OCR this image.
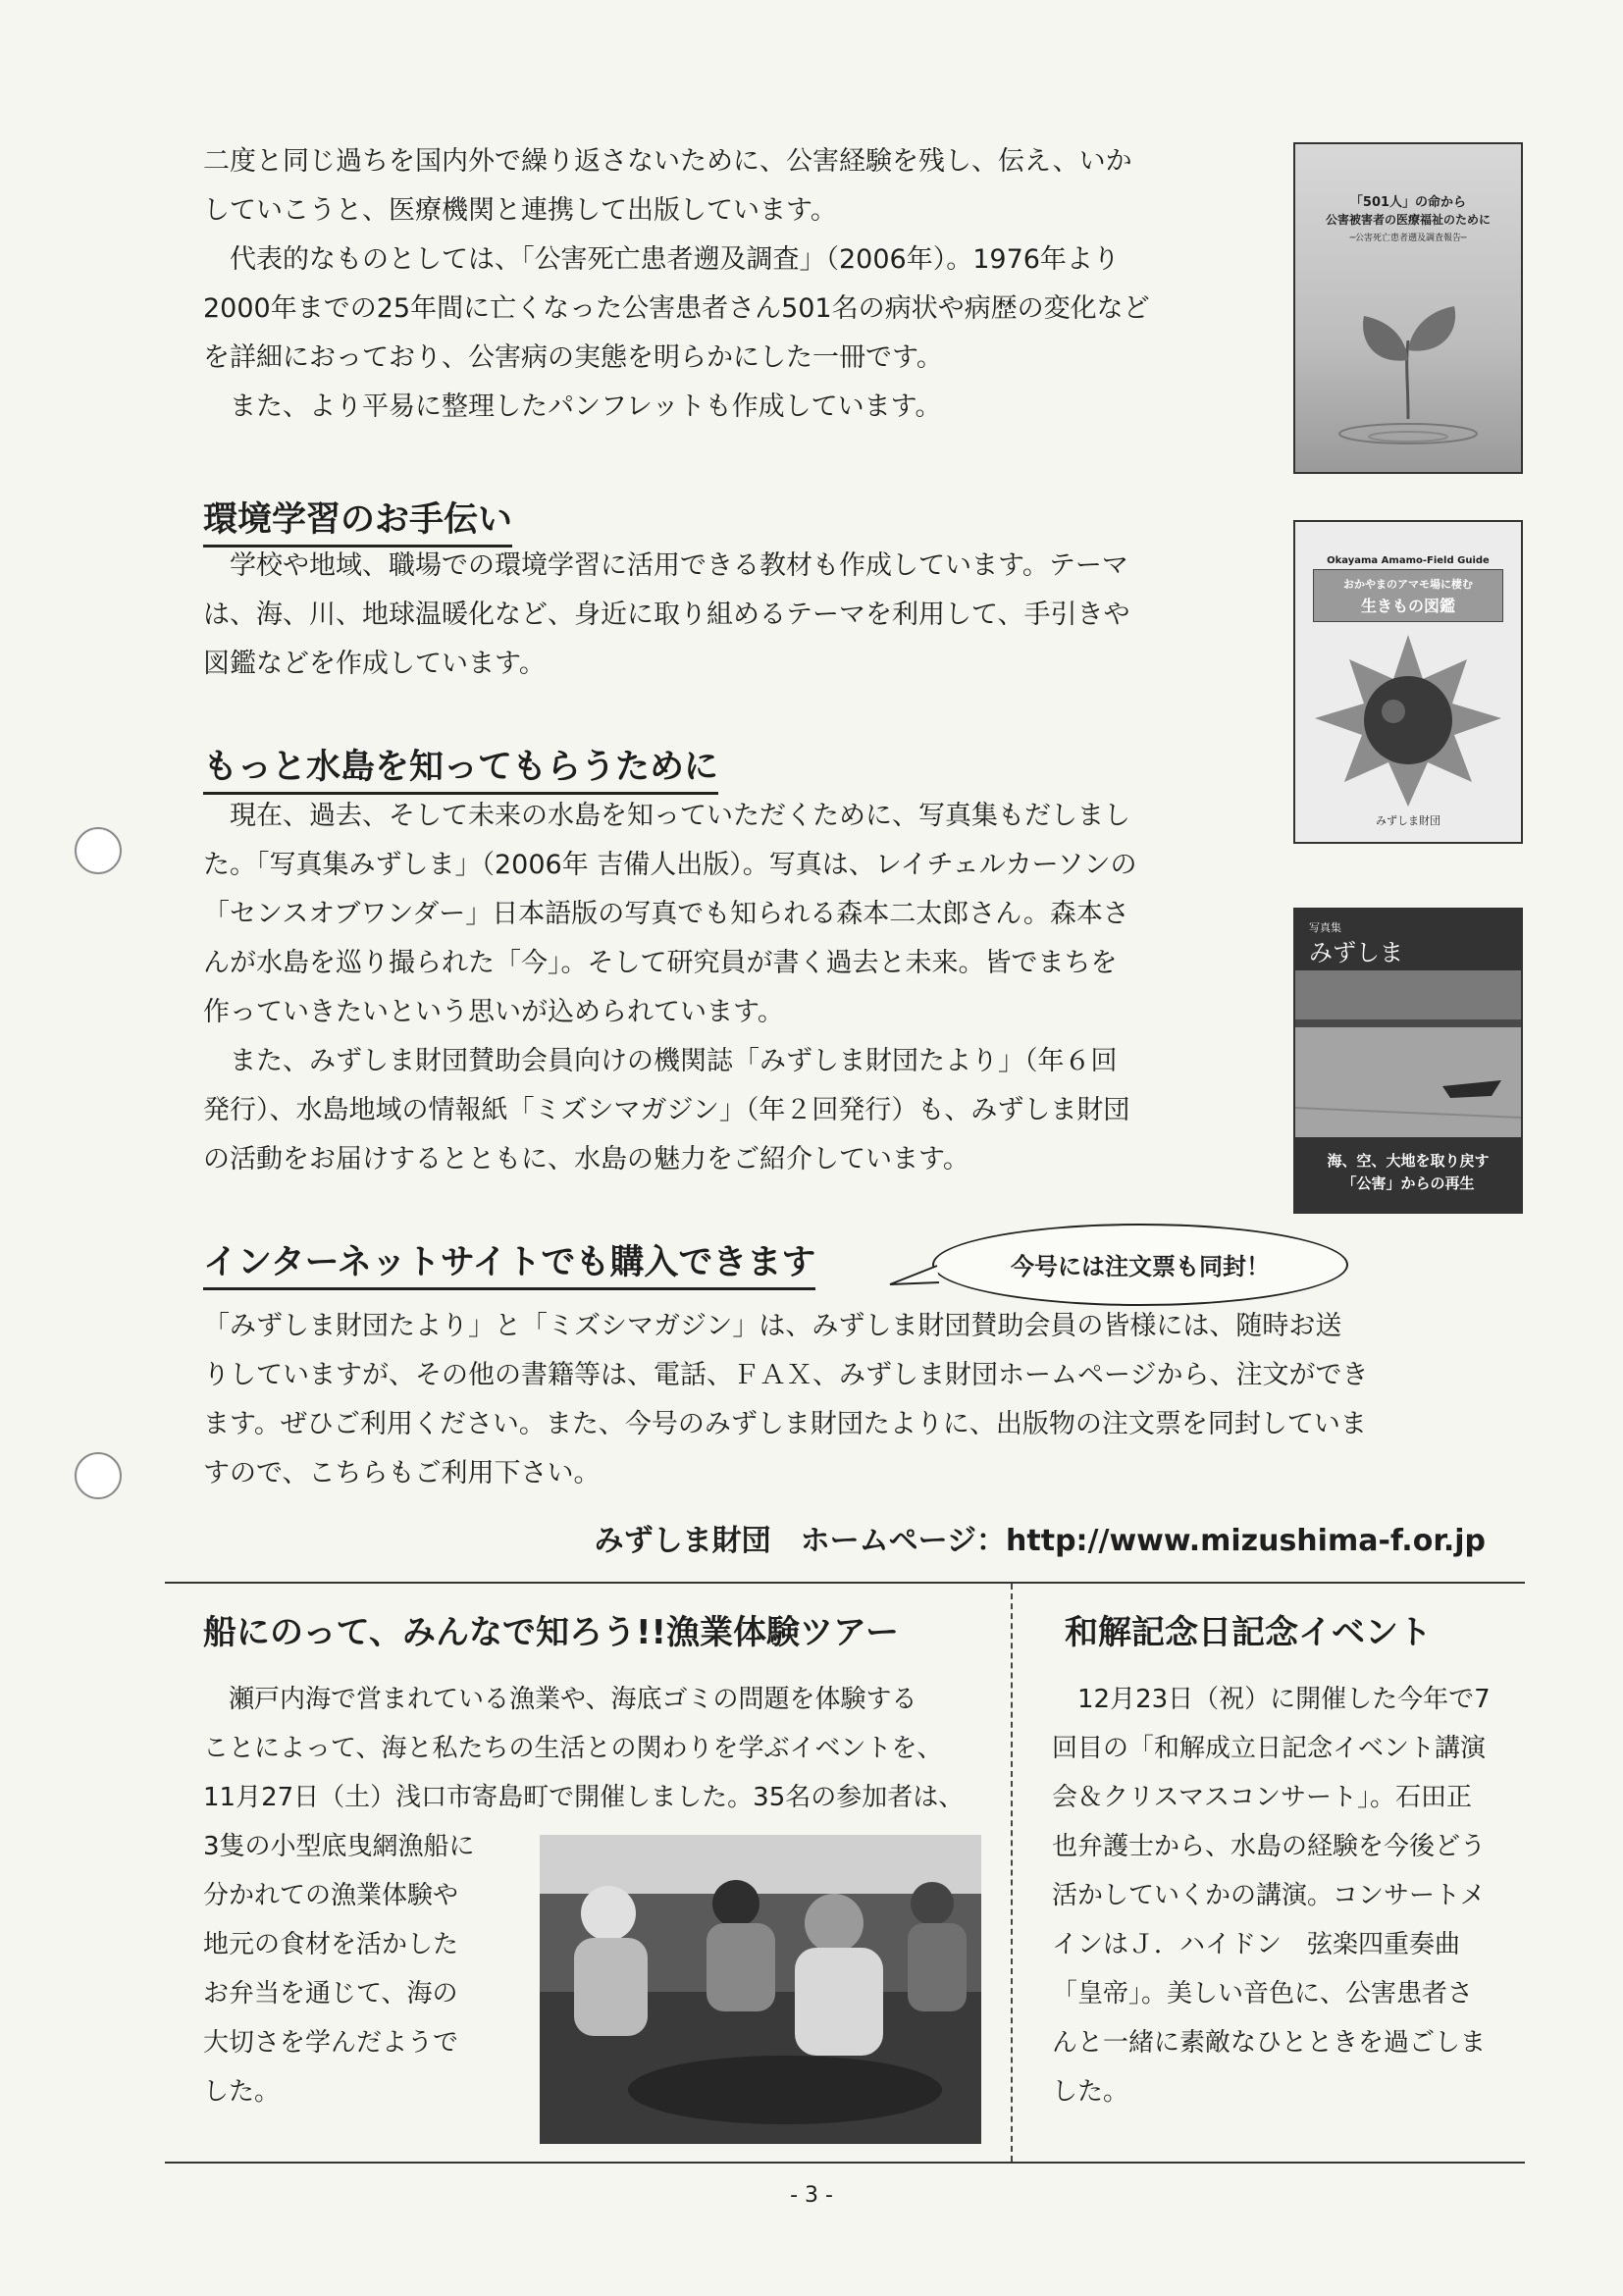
二度と同じ過ちを国内外で繰り返さないために、公害経験を残し、伝え、いか
していこうと、医療機関と連携して出版しています。
　代表的なものとしては、「公害死亡患者遡及調査」（2006年）。1976年より
2000年までの25年間に亡くなった公害患者さん501名の病状や病歴の変化など
を詳細におっており、公害病の実態を明らかにした一冊です。
　また、より平易に整理したパンフレットも作成しています。
環境学習のお手伝い
　学校や地域、職場での環境学習に活用できる教材も作成しています。テーマ
は、海、川、地球温暖化など、身近に取り組めるテーマを利用して、手引きや
図鑑などを作成しています。
もっと水島を知ってもらうために
　現在、過去、そして未来の水島を知っていただくために、写真集もだしまし
た。「写真集みずしま」（2006年 吉備人出版）。写真は、レイチェルカーソンの
「センスオブワンダー」日本語版の写真でも知られる森本二太郎さん。森本さ
んが水島を巡り撮られた「今」。そして研究員が書く過去と未来。皆でまちを
作っていきたいという思いが込められています。
　また、みずしま財団賛助会員向けの機関誌「みずしま財団たより」（年６回
発行）、水島地域の情報紙「ミズシマガジン」（年２回発行）も、みずしま財団
の活動をお届けするとともに、水島の魅力をご紹介しています。
「501人」の命から
公害被害者の医療福祉のために
─公害死亡患者遡及調査報告─
Okayama Amamo-Field Guide
おかやまのアマモ場に棲む
生きもの図鑑
みずしま財団
写真集
みずしま
海、空、大地を取り戻す
「公害」からの再生
インターネットサイトでも購入できます	今号には注文票も同封！
「みずしま財団たより」と「ミズシマガジン」は、みずしま財団賛助会員の皆様には、随時お送
りしていますが、その他の書籍等は、電話、ＦＡＸ、みずしま財団ホームページから、注文ができ
ます。ぜひご利用ください。また、今号のみずしま財団たよりに、出版物の注文票を同封していま
すので、こちらもご利用下さい。
みずしま財団　ホームページ：http://www.mizushima-f.or.jp
船にのって、みんなで知ろう!!漁業体験ツアー
　瀬戸内海で営まれている漁業や、海底ゴミの問題を体験する
ことによって、海と私たちの生活との関わりを学ぶイベントを、
11月27日（土）浅口市寄島町で開催しました。35名の参加者は、
3隻の小型底曳網漁船に
分かれての漁業体験や
地元の食材を活かした
お弁当を通じて、海の
大切さを学んだようで
した。
和解記念日記念イベント
　12月23日（祝）に開催した今年で7
回目の「和解成立日記念イベント講演
会＆クリスマスコンサート」。石田正
也弁護士から、水島の経験を今後どう
活かしていくかの講演。コンサートメ
インはＪ．ハイドン　弦楽四重奏曲
「皇帝」。美しい音色に、公害患者さ
んと一緒に素敵なひとときを過ごしま
した。
- 3 -
